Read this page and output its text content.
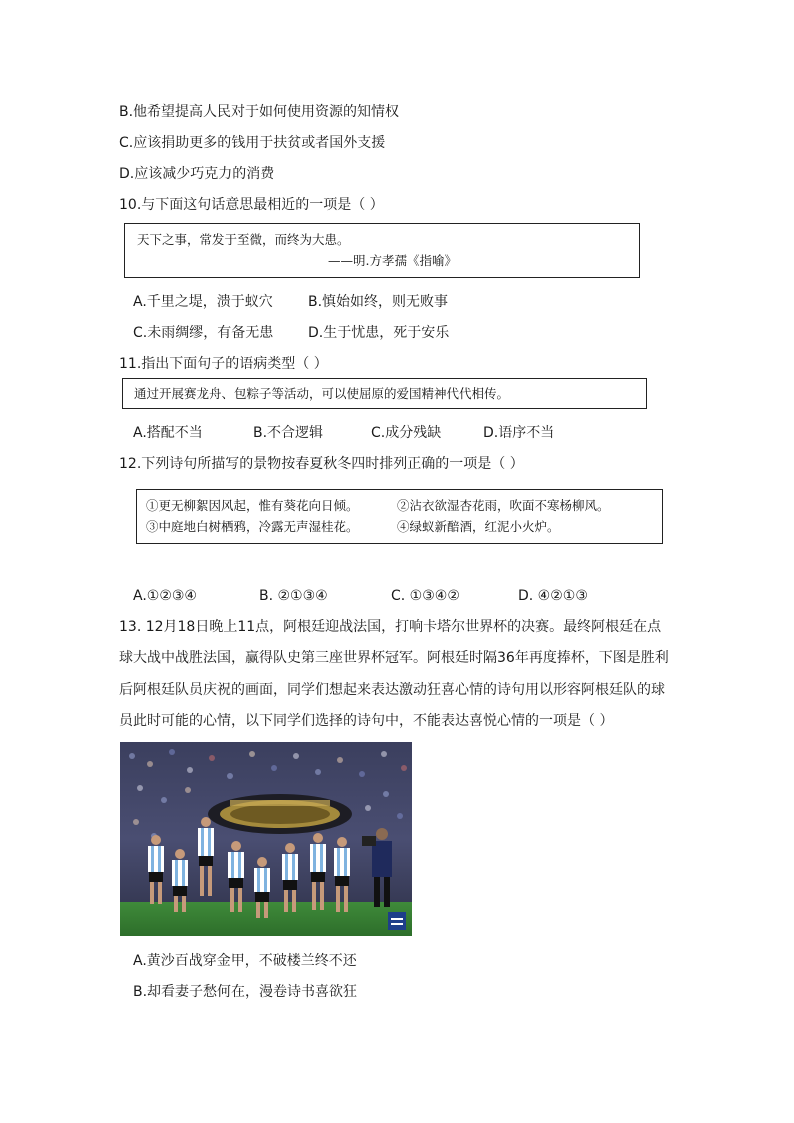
B.他希望提高人民对于如何使用资源的知情权
C.应该捐助更多的钱用于扶贫或者国外支援
D.应该减少巧克力的消费
10.与下面这句话意思最相近的一项是（ ）
天下之事，常发于至微，而终为大患。
——明.方孝孺《指喻》
A.千里之堤，溃于蚁穴	B.慎始如终，则无败事
C.未雨绸缪，有备无患 D.生于忧患，死于安乐
11.指出下面句子的语病类型（ ）
通过开展赛龙舟、包粽子等活动，可以使屈原的爱国精神代代相传。
A.搭配不当	B.不合逻辑	C.成分残缺	D.语序不当
12.下列诗句所描写的景物按春夏秋冬四时排列正确的一项是（ ）
①更无柳絮因风起，惟有葵花向日倾。	②沾衣欲湿杏花雨，吹面不寒杨柳风。
③中庭地白树栖鸦，冷露无声湿桂花。	④绿蚁新醅酒，红泥小火炉。
A.①②③④	B. ②①③④	C. ①③④②	D. ④②①③
13. 12月18日晚上11点，阿根廷迎战法国，打响卡塔尔世界杯的决赛。最终阿根廷在点
球大战中战胜法国，赢得队史第三座世界杯冠军。阿根廷时隔36年再度捧杯，下图是胜利
后阿根廷队员庆祝的画面，同学们想起来表达激动狂喜心情的诗句用以形容阿根廷队的球
员此时可能的心情，以下同学们选择的诗句中，不能表达喜悦心情的一项是（ ）
A.黄沙百战穿金甲，不破楼兰终不还
B.却看妻子愁何在，漫卷诗书喜欲狂
